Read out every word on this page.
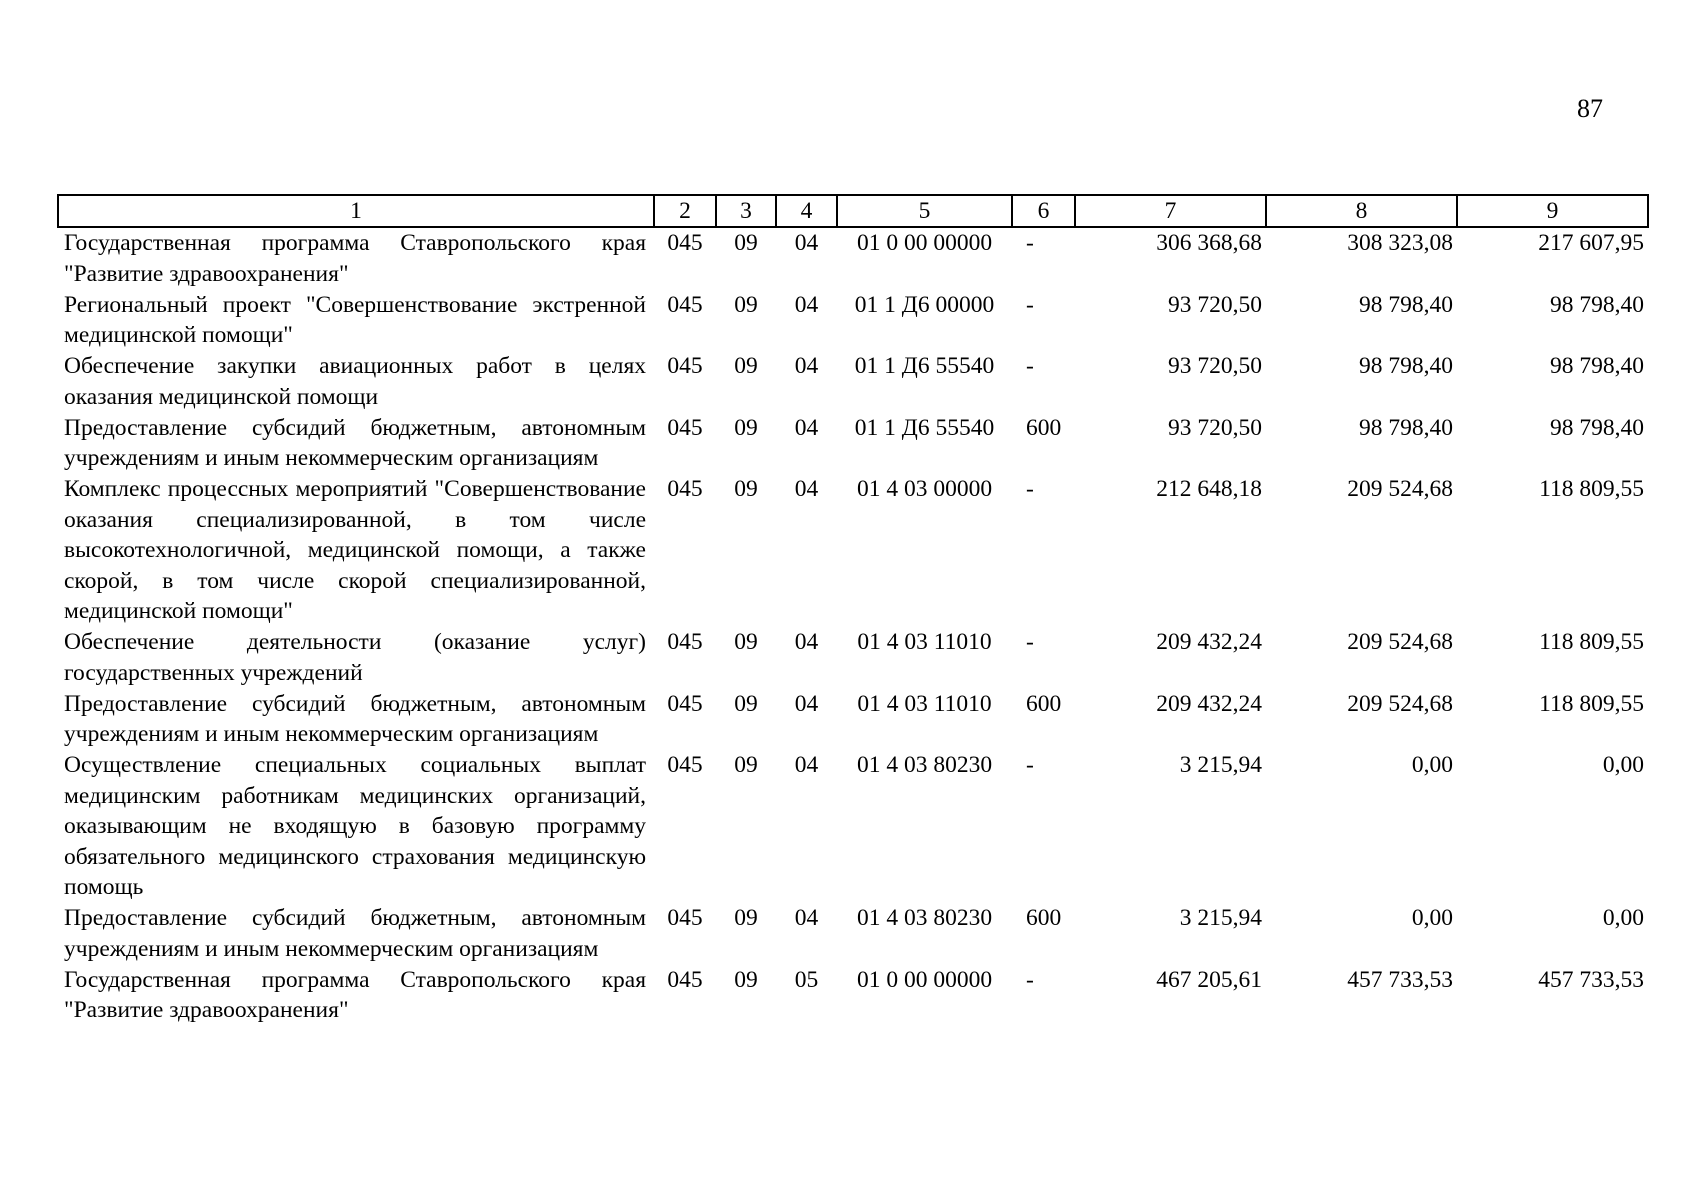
87
1	2	3	4	5	6	7	8	9
Государственная программа Ставропольского края "Развитие здравоохранения"	045	09	04	01 0 00 00000	-	306 368,68	308 323,08	217 607,95
Региональный проект "Совершенствование экстренной медицинской помощи"	045	09	04	01 1 Д6 00000	-	93 720,50	98 798,40	98 798,40
Обеспечение закупки авиационных работ в целях оказания медицинской помощи	045	09	04	01 1 Д6 55540	-	93 720,50	98 798,40	98 798,40
Предоставление субсидий бюджетным, автономным учреждениям и иным некоммерческим организациям	045	09	04	01 1 Д6 55540	600	93 720,50	98 798,40	98 798,40
Комплекс процессных мероприятий "Совершенствование оказания специализированной, в том числе высокотехнологичной, медицинской помощи, а также скорой, в том числе скорой специализированной, медицинской помощи"	045	09	04	01 4 03 00000	-	212 648,18	209 524,68	118 809,55
Обеспечение деятельности (оказание услуг) государственных учреждений	045	09	04	01 4 03 11010	-	209 432,24	209 524,68	118 809,55
Предоставление субсидий бюджетным, автономным учреждениям и иным некоммерческим организациям	045	09	04	01 4 03 11010	600	209 432,24	209 524,68	118 809,55
Осуществление специальных социальных выплат медицинским работникам медицинских организаций, оказывающим не входящую в базовую программу обязательного медицинского страхования медицинскую помощь	045	09	04	01 4 03 80230	-	3 215,94	0,00	0,00
Предоставление субсидий бюджетным, автономным учреждениям и иным некоммерческим организациям	045	09	04	01 4 03 80230	600	3 215,94	0,00	0,00
Государственная программа Ставропольского края "Развитие здравоохранения"	045	09	05	01 0 00 00000	-	467 205,61	457 733,53	457 733,53
